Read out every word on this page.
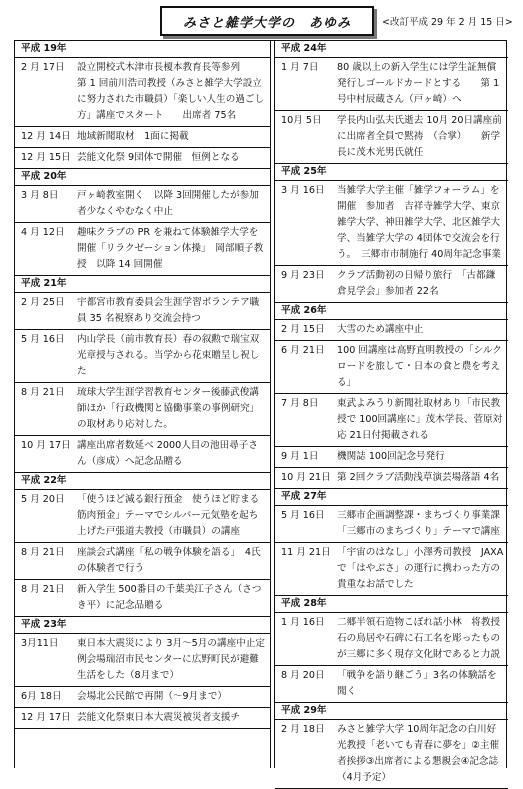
みさと雑学大学の　あゆみ	<改訂平成 29 年 2 月 15 日>
平成 19年
2 月 17日	設立開校式木津市長榎本教育長等参列　　第 1 回前川浩司教授（みさと雑学大学設立に努力された市職員）「楽しい人生の過ごし方」講座でスタート　　出席者 75名
12 月 14日 地域新聞取材　1面に掲載
12 月 15日 芸能文化祭 9団体で開催　恒例となる
平成 20年
3 月 8日	戸ヶ崎教室開く　以降 3回開催したが参加者少なくやむなく中止
4 月 12日	趣味クラブの PR を兼ねて体験雑学大学を開催「リラクゼーション体操」　岡部順子教授　以降 14 回開催
平成 21年
2 月 25日	宇都宮市教育委員会生涯学習ボランテア職員 35 名視察あり交流会持つ
5 月 16日	内山学長（前市教育長）春の叙勲で瑞宝双光章授与される。当学から花束贈呈し祝した
8 月 21日	琉球大学生涯学習教育センター後藤武俊講師ほか「行政機関と協働事業の事例研究」の取材あり応対した。
10 月 17日 講座出席者数延べ 2000人目の池田尋子さん（彦成）へ記念品贈る
平成 22年
5 月 20日	「使うほど減る銀行預金　使うほど貯まる筋肉預金」テーマでシルバー元気塾を起ち上げた戸張道夫教授（市職員）の講座
8 月 21日	座談会式講座「私の戦争体験を語る」　4氏の体験者で行う
8 月 21日	新入学生 500番目の千葉美江子さん（さつき平）に記念品贈る
平成 23年
3月11日	東日本大震災により 3月〜5月の講座中止定例会場瑞沼市民センターに広野町民が避難生活をした（8月まで）
6月 18日	会場北公民館で再開（〜9月まで）
12 月 17日 芸能文化祭東日本大震災被災者支援チ
平成 24年
1 月 7日	80 歳以上の新入学生には学生証無償発行しゴールドカードとする　　第 1号中村辰蔵さん（戸ヶ崎）へ
10月 5日	学長内山弘夫氏逝去 10月 20日講座前に出席者全員で黙祷　（合掌）　　新学長に茂木光男氏就任
平成 25年
3 月 16日	当雑学大学主催「雑学フォーラム」を開催　参加者　吉祥寺雑学大学、東京雑学大学、神田雑学大学、北区雑学大学、当雑学大学の 4団体で交流会を行う。　三郷市市制施行 40周年記念事業
9 月 23日	クラブ活動初の日帰り旅行　「古都鎌倉見学会」参加者 22名
平成 26年
2 月 15日	大雪のため講座中止
6 月 21日	100 回講座は高野直明教授の「シルクロードを旅して・日本の食と農を考える」
7 月 8日	東武よみうり新聞社取材あり「市民教授で 100回講座に」茂木学長、菅原対応 21日付掲載される
9 月 1日	機関誌 100回記念号発行
10 月 21日 第 2回クラブ活動浅草演芸場落語 4名
平成 27年
5 月 16日	三郷市企画調整課・まちづくり事業課「三郷市のまちづくり」テーマで講座
11 月 21日 「宇宙のはなし」小澤秀司教授　JAXA で「はやぶさ」の運行に携わった方の貴重なお話でした
平成 28年
1 月 16日	二郷半領石造物こぼれ話小林　将教授　石の鳥居や石碑に石工名を彫ったものが三郷に多く現存文化財であると力説
8 月 20日	「戦争を語り継ごう」3名の体験話を聞く
平成 29年
2 月 18日	みさと雑学大学 10周年記念の白川好光教授「老いても青春に夢を」②主催者挨拶③出席者による懇親会④記念誌（4月予定）
